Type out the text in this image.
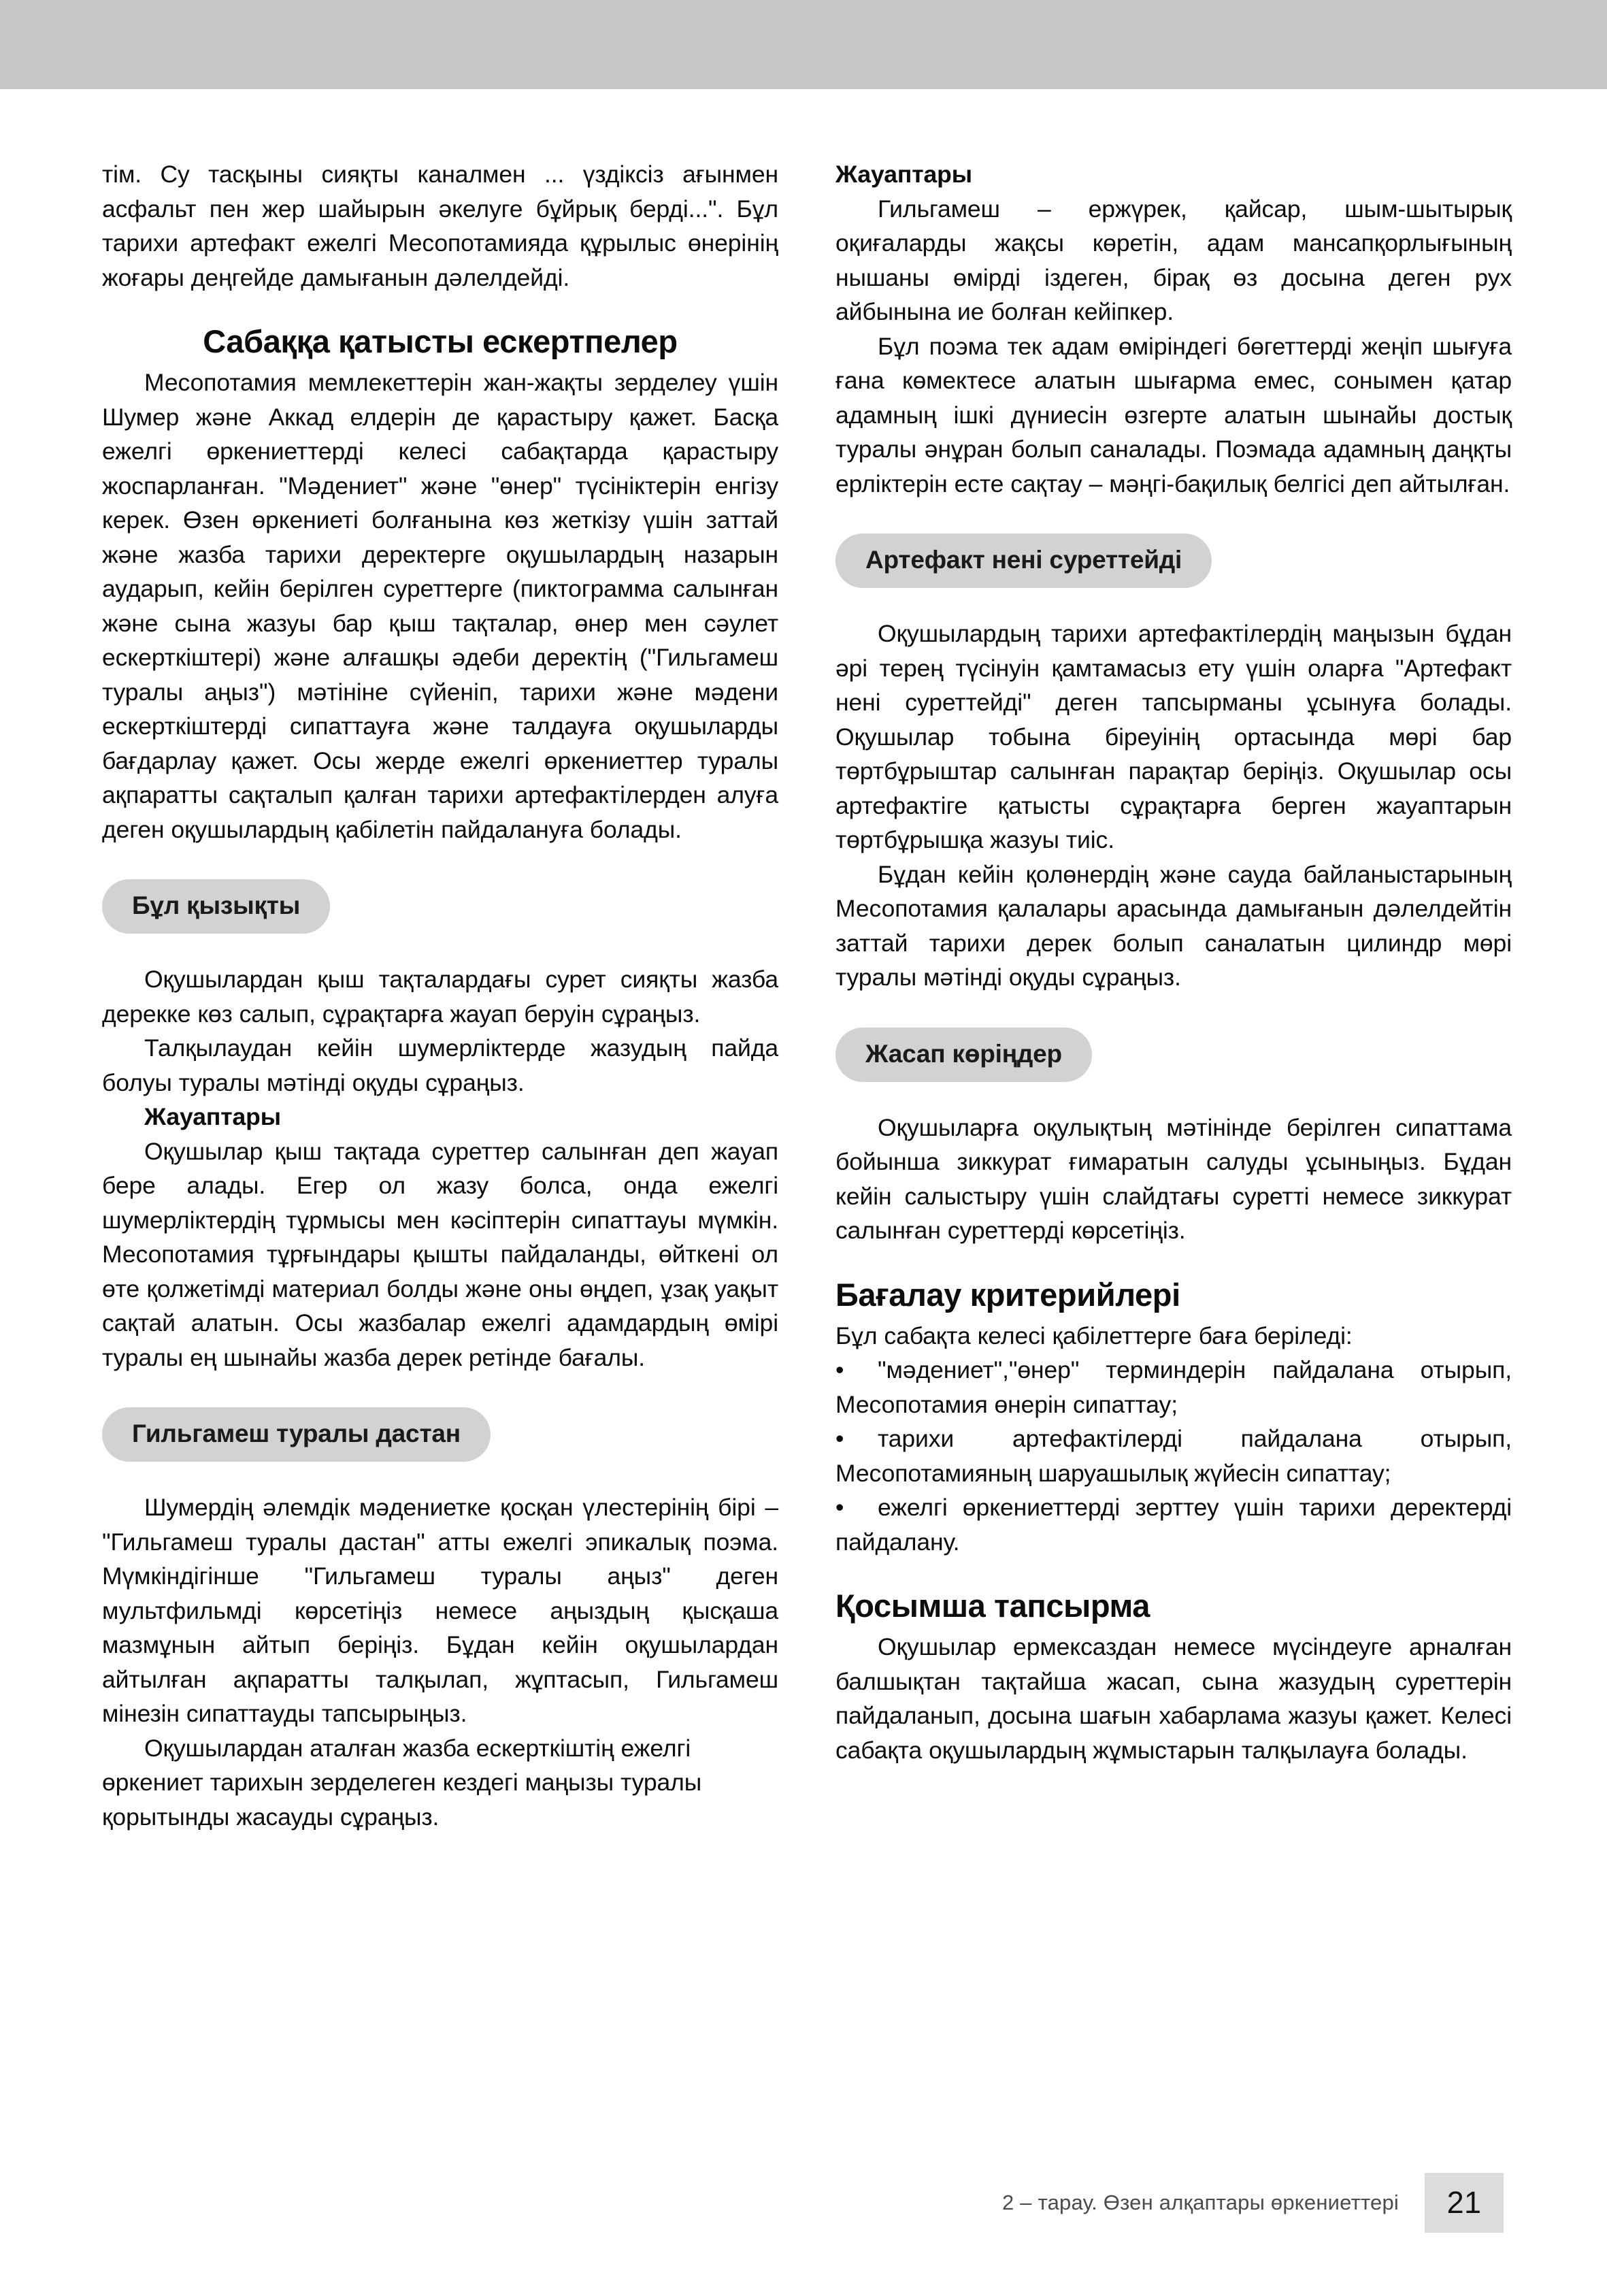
тім. Су тасқыны сияқты каналмен ... үздіксіз ағынмен асфальт пен жер шайырын әкелуге бұйрық берді...". Бұл тарихи артефакт ежелгі Месопотамияда құрылыс өнерінің жоғары деңгейде дамығанын дәлелдейді.

Сабаққа қатысты ескертпелер

Месопотамия мемлекеттерін жан-жақты зерделеу үшін Шумер және Аккад елдерін де қарастыру қажет. Басқа ежелгі өркениеттерді келесі сабақтарда қарастыру жоспарланған. "Мәдениет" және "өнер" түсініктерін енгізу керек. Өзен өркениеті болғанына көз жеткізу үшін заттай және жазба тарихи деректерге оқушылардың назарын аударып, кейін берілген суреттерге (пиктограмма салынған және сына жазуы бар қыш тақталар, өнер мен сәулет ескерткіштері) және алғашқы әдеби деректің ("Гильгамеш туралы аңыз") мәтініне сүйеніп, тарихи және мәдени ескерткіштерді сипаттауға және талдауға оқушыларды бағдарлау қажет. Осы жерде ежелгі өркениеттер туралы ақпаратты сақталып қалған тарихи артефактілерден алуға деген оқушылардың қабілетін пайдалануға болады.

Бұл қызықты

Оқушылардан қыш тақталардағы сурет сияқты жазба дерекке көз салып, сұрақтарға жауап беруін сұраңыз.

Талқылаудан кейін шумерліктерде жазудың пайда болуы туралы мәтінді оқуды сұраңыз.

Жауаптары

Оқушылар қыш тақтада суреттер салынған деп жауап бере алады. Егер ол жазу болса, онда ежелгі шумерліктердің тұрмысы мен кәсіптерін сипаттауы мүмкін. Месопотамия тұрғындары қышты пайдаланды, өйткені ол өте қолжетімді материал болды және оны өңдеп, ұзақ уақыт сақтай алатын. Осы жазбалар ежелгі адамдардың өмірі туралы ең шынайы жазба дерек ретінде бағалы.

Гильгамеш туралы дастан

Шумердің әлемдік мәдениетке қосқан үлестерінің бірі – "Гильгамеш туралы дастан" атты ежелгі эпикалық поэма. Мүмкіндігінше "Гильгамеш туралы аңыз" деген мультфильмді көрсетіңіз немесе аңыздың қысқаша мазмұнын айтып беріңіз. Бұдан кейін оқушылардан айтылған ақпаратты талқылап, жұптасып, Гильгамеш мінезін сипаттауды тапсырыңыз.

Оқушылардан аталған жазба ескерткіштің ежелгі өркениет тарихын зерделеген кездегі маңызы туралы қорытынды жасауды сұраңыз.

Жауаптары

Гильгамеш – ержүрек, қайсар, шым-шытырық оқиғаларды жақсы көретін, адам мансапқорлығының нышаны өмірді іздеген, бірақ өз досына деген рух айбынына ие болған кейіпкер.

Бұл поэма тек адам өміріндегі бөгеттерді жеңіп шығуға ғана көмектесе алатын шығарма емес, сонымен қатар адамның ішкі дүниесін өзгерте алатын шынайы достық туралы әнұран болып саналады. Поэмада адамның даңқты ерліктерін есте сақтау – мәңгі-бақилық белгісі деп айтылған.

Артефакт нені суреттейді

Оқушылардың тарихи артефактілердің маңызын бұдан әрі терең түсінуін қамтамасыз ету үшін оларға "Артефакт нені суреттейді" деген тапсырманы ұсынуға болады. Оқушылар тобына біреуінің ортасында мөрі бар төртбұрыштар салынған парақтар беріңіз. Оқушылар осы артефактіге қатысты сұрақтарға берген жауаптарын төртбұрышқа жазуы тиіс.

Бұдан кейін қолөнердің және сауда байланыстарының Месопотамия қалалары арасында дамығанын дәлелдейтін заттай тарихи дерек болып саналатын цилиндр мөрі туралы мәтінді оқуды сұраңыз.

Жасап көріңдер

Оқушыларға оқулықтың мәтінінде берілген сипаттама бойынша зиккурат ғимаратын салуды ұсыныңыз. Бұдан кейін салыстыру үшін слайдтағы суретті немесе зиккурат салынған суреттерді көрсетіңіз.

Бағалау критерийлері

Бұл сабақта келесі қабілеттерге баға беріледі:

• "мәдениет","өнер" терминдерін пайдалана отырып, Месопотамия өнерін сипаттау;
• тарихи артефактілерді пайдалана отырып, Месопотамияның шаруашылық жүйесін сипаттау;
• ежелгі өркениеттерді зерттеу үшін тарихи деректерді пайдалану.
Қосымша тапсырма

Оқушылар ермексаздан немесе мүсіндеуге арналған балшықтан тақтайша жасап, сына жазудың суреттерін пайдаланып, досына шағын хабарлама жазуы қажет. Келесі сабақта оқушылардың жұмыстарын талқылауға болады.

2 – тарау. Өзен алқаптары өркениеттері	21
